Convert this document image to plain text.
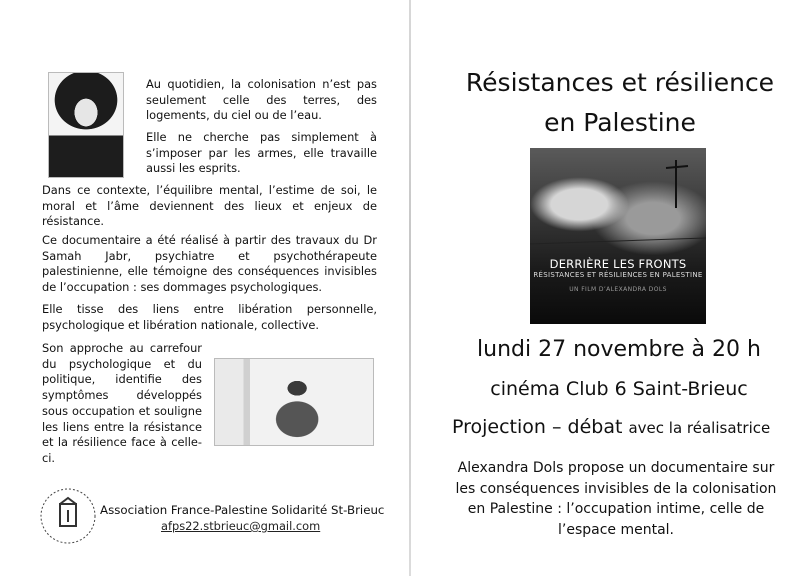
Au quotidien, la colonisation n’est pas seulement celle des terres, des logements, du ciel ou de l’eau.

Elle ne cherche pas simplement à s’imposer par les armes, elle travaille aussi les esprits.

Dans ce contexte, l’équilibre mental, l’estime de soi, le moral et l’âme deviennent des lieux et enjeux de résistance.

Ce documentaire a été réalisé à partir des travaux du Dr Samah Jabr, psychiatre et psychothérapeute palestinienne, elle témoigne des conséquences invisibles de l’occupation : ses dommages psychologiques.

Elle tisse des liens entre libération personnelle, psychologique et libération nationale, collective.

Son approche au carrefour du psychologique et du politique, identifie des symptômes développés sous occupation et souligne les liens entre la résistance et la résilience face à celle-ci.

Association France-Palestine Solidarité St-Brieuc
afps22.stbrieuc@gmail.com
Résistances et résilience
en Palestine
DERRIÈRE LES FRONTS
RÉSISTANCES ET RÉSILIENCES EN PALESTINE
UN FILM D’ALEXANDRA DOLS
lundi 27 novembre à 20 h
cinéma Club 6 Saint-Brieuc
Projection – débat avec la réalisatrice

Alexandra Dols propose un documentaire sur les conséquences invisibles de la colonisation en Palestine : l’occupation intime, celle de l’espace mental.
